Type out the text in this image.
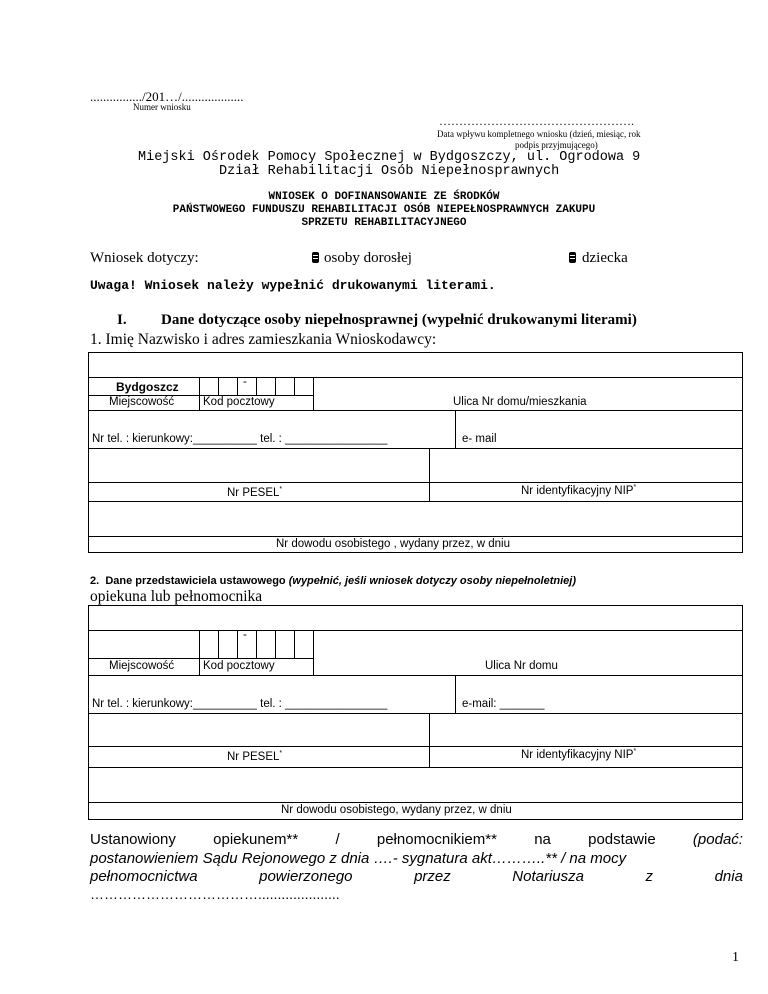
................/201…/...................
Numer wniosku
………………………………………….
Data wpływu kompletnego wniosku (dzień, miesiąc, rok
podpis przyjmującego)
Miejski Ośrodek Pomocy Społecznej w Bydgoszczy, ul. Ogrodowa 9
Dział Rehabilitacji Osób Niepełnosprawnych
WNIOSEK O DOFINANSOWANIE ZE ŚRODKÓW
PAŃSTWOWEGO FUNDUSZU REHABILITACJI OSÓB NIEPEŁNOSPRAWNYCH ZAKUPU
SPRZETU REHABILITACYJNEGO
Wniosek dotyczy:	osoby dorosłej	dziecka
Uwaga! Wniosek należy wypełnić drukowanymi literami.
I. Dane dotyczące osoby niepełnosprawnej (wypełnić drukowanymi literami)
1. Imię Nazwisko i adres zamieszkania Wnioskodawcy:
Bydgoszcz	-
Miejscowość	Kod pocztowy	Ulica Nr domu/mieszkania
Nr tel. : kierunkowy:__________ tel. : ________________	e- mail
Nr PESEL*	Nr identyfikacyjny NIP*
Nr dowodu osobistego , wydany przez, w dniu
2. Dane przedstawiciela ustawowego (wypełnić, jeśli wniosek dotyczy osoby niepełnoletniej)
opiekuna lub pełnomocnika
-
Miejscowość	Kod pocztowy	Ulica Nr domu
Nr tel. : kierunkowy:__________ tel. : ________________	e-mail: _______
Nr PESEL*	Nr identyfikacyjny NIP*
Nr dowodu osobistego, wydany przez, w dniu
Ustanowiony opiekunem** / pełnomocnikiem** na podstawie (podać:
postanowieniem Sądu Rejonowego z dnia ….- sygnatura akt………..** / na mocy
pełnomocnictwa	powierzonego	przez	Notariusza	z	dnia
……………………………….....................
1
